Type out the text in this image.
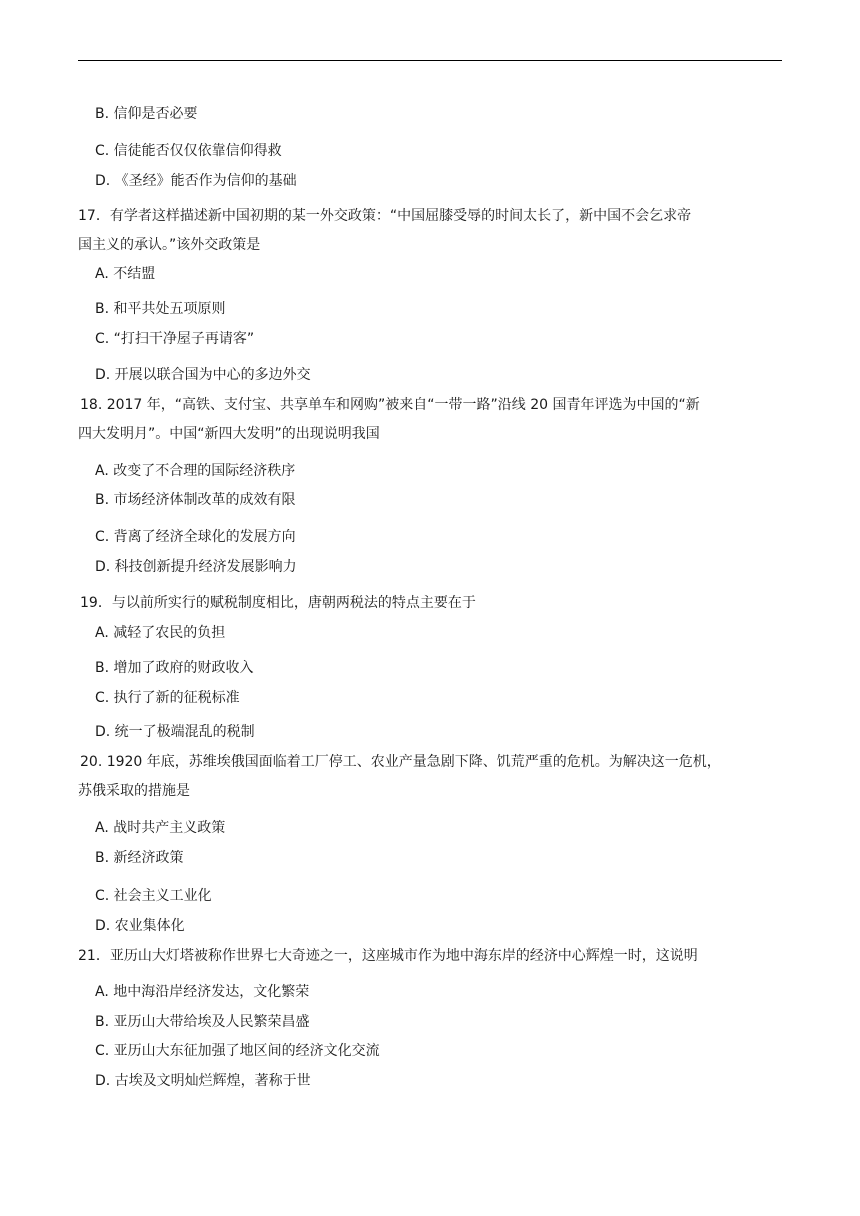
B. 信仰是否必要
C. 信徒能否仅仅依靠信仰得救
D. 《圣经》能否作为信仰的基础
17．有学者这样描述新中国初期的某一外交政策：“中国屈膝受辱的时间太长了，新中国不会乞求帝
国主义的承认。”该外交政策是
A. 不结盟
B. 和平共处五项原则
C. “打扫干净屋子再请客”
D. 开展以联合国为中心的多边外交
18. 2017 年，“高铁、支付宝、共享单车和网购”被来自“一带一路”沿线 20 国青年评选为中国的“新
四大发明月”。中国“新四大发明”的出现说明我国
A. 改变了不合理的国际经济秩序
B. 市场经济体制改革的成效有限
C. 背离了经济全球化的发展方向
D. 科技创新提升经济发展影响力
19．与以前所实行的赋税制度相比，唐朝两税法的特点主要在于
A. 减轻了农民的负担
B. 增加了政府的财政收入
C. 执行了新的征税标准
D. 统一了极端混乱的税制
20. 1920 年底，苏维埃俄国面临着工厂停工、农业产量急剧下降、饥荒严重的危机。为解决这一危机，
苏俄采取的措施是
A. 战时共产主义政策
B. 新经济政策
C. 社会主义工业化
D. 农业集体化
21．亚历山大灯塔被称作世界七大奇迹之一，这座城市作为地中海东岸的经济中心辉煌一时，这说明
A. 地中海沿岸经济发达，文化繁荣
B. 亚历山大带给埃及人民繁荣昌盛
C. 亚历山大东征加强了地区间的经济文化交流
D. 古埃及文明灿烂辉煌，著称于世
